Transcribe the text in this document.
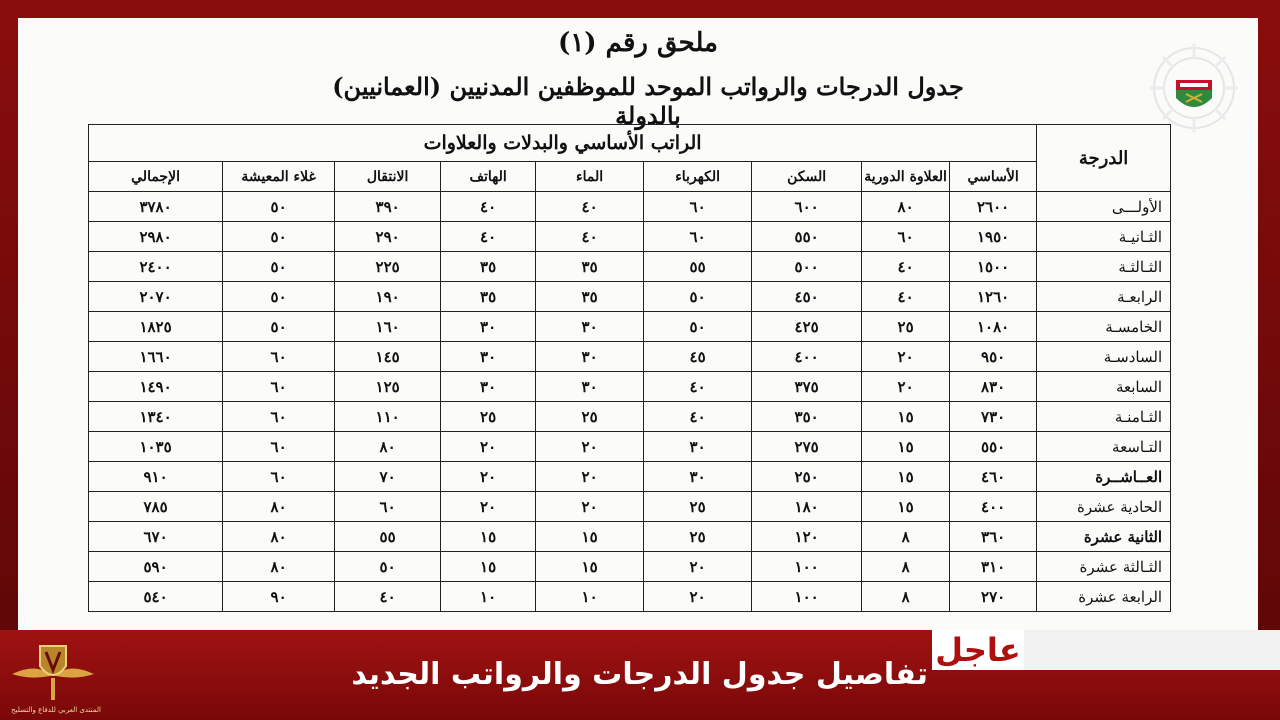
ملحق رقم (١)
جدول الدرجات والرواتب الموحد للموظفين المدنيين (العمانيين) بالدولة
الدرجة	الراتب الأساسي والبدلات والعلاوات								
	الأساسي	العلاوة الدورية	السكن	الكهرباء	الماء	الهاتف	الانتقال	غلاء المعيشة	الإجمالي
الأولـــى	٢٦٠٠	٨٠	٦٠٠	٦٠	٤٠	٤٠	٣٩٠	٥٠	٣٧٨٠
الثـانيـة	١٩٥٠	٦٠	٥٥٠	٦٠	٤٠	٤٠	٢٩٠	٥٠	٢٩٨٠
الثـالثـة	١٥٠٠	٤٠	٥٠٠	٥٥	٣٥	٣٥	٢٢٥	٥٠	٢٤٠٠
الرابعـة	١٢٦٠	٤٠	٤٥٠	٥٠	٣٥	٣٥	١٩٠	٥٠	٢٠٧٠
الخامسـة	١٠٨٠	٢٥	٤٢٥	٥٠	٣٠	٣٠	١٦٠	٥٠	١٨٢٥
السادسـة	٩٥٠	٢٠	٤٠٠	٤٥	٣٠	٣٠	١٤٥	٦٠	١٦٦٠
السابعة	٨٣٠	٢٠	٣٧٥	٤٠	٣٠	٣٠	١٢٥	٦٠	١٤٩٠
الثـامنـة	٧٣٠	١٥	٣٥٠	٤٠	٢٥	٢٥	١١٠	٦٠	١٣٤٠
التـاسعة	٥٥٠	١٥	٢٧٥	٣٠	٢٠	٢٠	٨٠	٦٠	١٠٣٥
العــاشــرة	٤٦٠	١٥	٢٥٠	٣٠	٢٠	٢٠	٧٠	٦٠	٩١٠
الحادية عشرة	٤٠٠	١٥	١٨٠	٢٥	٢٠	٢٠	٦٠	٨٠	٧٨٥
الثانية عشرة	٣٦٠	٨	١٢٠	٢٥	١٥	١٥	٥٥	٨٠	٦٧٠
الثـالثة عشرة	٣١٠	٨	١٠٠	٢٠	١٥	١٥	٥٠	٨٠	٥٩٠
الرابعة عشرة	٢٧٠	٨	١٠٠	٢٠	١٠	١٠	٤٠	٩٠	٥٤٠
عاجل
تفاصيل جدول الدرجات والرواتب الجديد
المنتدى العربي للدفاع والتسليح
